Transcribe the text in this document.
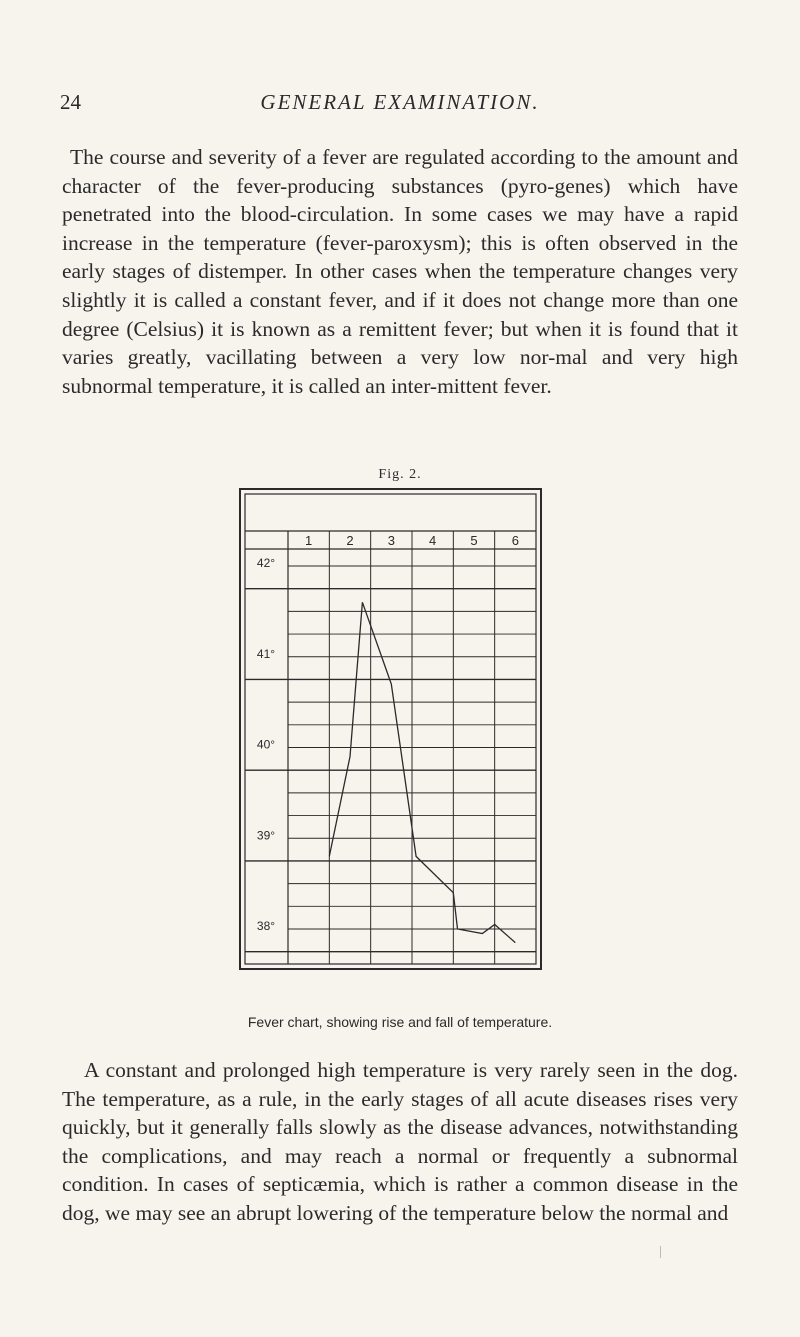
24	GENERAL EXAMINATION.

The course and severity of a fever are regulated according to the amount and character of the fever-producing substances (pyro-genes) which have penetrated into the blood-circulation. In some cases we may have a rapid increase in the temperature (fever-paroxysm); this is often observed in the early stages of distemper. In other cases when the temperature changes very slightly it is called a constant fever, and if it does not change more than one degree (Celsius) it is known as a remittent fever; but when it is found that it varies greatly, vacillating between a very low nor-mal and very high subnormal temperature, it is called an inter-mittent fever.

Fig. 2.
1	2	3	4	5	6
42°
41°
40°
39°
38°
Fever chart, showing rise and fall of temperature.

A constant and prolonged high temperature is very rarely seen in the dog. The temperature, as a rule, in the early stages of all acute diseases rises very quickly, but it generally falls slowly as the disease advances, notwithstanding the complications, and may reach a normal or frequently a subnormal condition. In cases of septicæmia, which is rather a common disease in the dog, we may see an abrupt lowering of the temperature below the normal and
